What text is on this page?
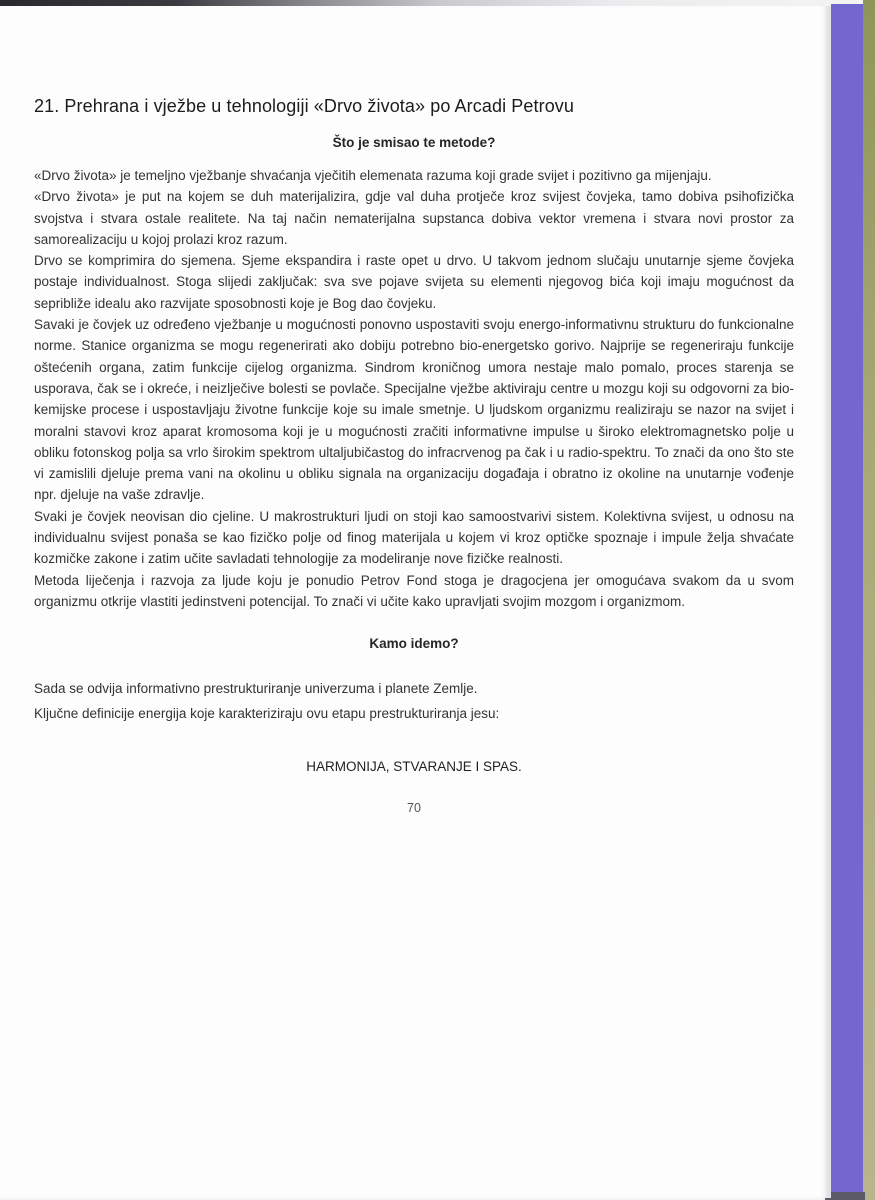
21. Prehrana i vježbe u tehnologiji «Drvo života» po Arcadi Petrovu
Što je smisao te metode?

«Drvo života» je temeljno vježbanje shvaćanja vječitih elemenata razuma koji grade svijet i pozitivno ga mijenjaju.

«Drvo života» je put na kojem se duh materijalizira, gdje val duha protječe kroz svijest čovjeka, tamo dobiva psihofizička svojstva i stvara ostale realitete. Na taj način nematerijalna supstanca dobiva vektor vremena i stvara novi prostor za samorealizaciju u kojoj prolazi kroz razum.

Drvo se komprimira do sjemena. Sjeme ekspandira i raste opet u drvo. U takvom jednom slučaju unutarnje sjeme čovjeka postaje individualnost. Stoga slijedi zaključak: sva sve pojave svijeta su elementi njegovog bića koji imaju mogućnost da sepribliže idealu ako razvijate sposobnosti koje je Bog dao čovjeku.

Savaki je čovjek uz određeno vježbanje u mogućnosti ponovno uspostaviti svoju energo-informativnu strukturu do funkcionalne norme. Stanice organizma se mogu regenerirati ako dobiju potrebno bio-energetsko gorivo. Najprije se regeneriraju funkcije oštećenih organa, zatim funkcije cijelog organizma. Sindrom kroničnog umora nestaje malo pomalo, proces starenja se usporava, čak se i okreće, i neizlječive bolesti se povlače. Specijalne vježbe aktiviraju centre u mozgu koji su odgovorni za bio-kemijske procese i uspostavljaju životne funkcije koje su imale smetnje. U ljudskom organizmu realiziraju se nazor na svijet i moralni stavovi kroz aparat kromosoma koji je u mogućnosti zračiti informativne impulse u široko elektromagnetsko polje u obliku fotonskog polja sa vrlo širokim spektrom ultaljubičastog do infracrvenog pa čak i u radio-spektru. To znači da ono što ste vi zamislili djeluje prema vani na okolinu u obliku signala na organizaciju događaja i obratno iz okoline na unutarnje vođenje npr. djeluje na vaše zdravlje.

Svaki je čovjek neovisan dio cjeline. U makrostrukturi ljudi on stoji kao samoostvarivi sistem. Kolektivna svijest, u odnosu na individualnu svijest ponaša se kao fizičko polje od finog materijala u kojem vi kroz optičke spoznaje i impule želja shvaćate kozmičke zakone i zatim učite savladati tehnologije za modeliranje nove fizičke realnosti.

Metoda liječenja i razvoja za ljude koju je ponudio Petrov Fond stoga je dragocjena jer omogućava svakom da u svom organizmu otkrije vlastiti jedinstveni potencijal. To znači vi učite kako upravljati svojim mozgom i organizmom.

Kamo idemo?

Sada se odvija informativno prestrukturiranje univerzuma i planete Zemlje.

Ključne definicije energija koje karakteriziraju ovu etapu prestrukturiranja jesu:

HARMONIJA, STVARANJE I SPAS.

70
